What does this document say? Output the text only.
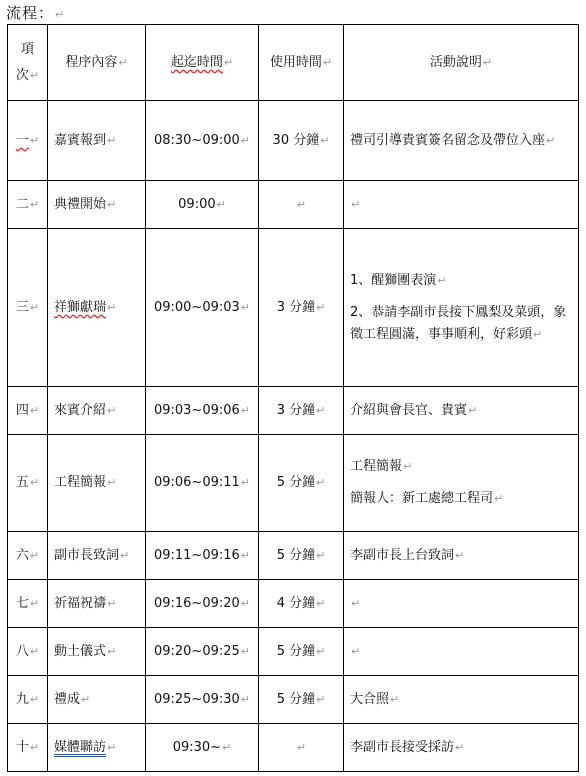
流程：↵
項
次↵	程序內容↵	起迄時間↵	使用時間↵	活動說明↵
一↵	嘉賓報到↵	08:30~09:00↵	30 分鐘↵	禮司引導貴賓簽名留念及帶位入座↵

二↵	典禮開始↵	09:00↵	↵	↵

三↵	祥獅獻瑞↵	09:00~09:03↵	3 分鐘↵	1、醒獅團表演↵

2、恭請李副市長接下鳳梨及菜頭，象徵工程圓滿，事事順利，好彩頭↵

四↵	來賓介紹↵	09:03~09:06↵	3 分鐘↵	介紹與會長官、貴賓↵

五↵	工程簡報↵	09:06~09:11↵	5 分鐘↵	工程簡報↵

簡報人：新工處總工程司↵

六↵	副市長致詞↵	09:11~09:16↵	5 分鐘↵	李副市長上台致詞↵

七↵	祈福祝禱↵	09:16~09:20↵	4 分鐘↵	↵

八↵	動土儀式↵	09:20~09:25↵	5 分鐘↵	↵

九↵	禮成↵	09:25~09:30↵	5 分鐘↵	大合照↵

十↵	媒體聯訪↵	09:30~↵	↵	李副市長接受採訪↵
